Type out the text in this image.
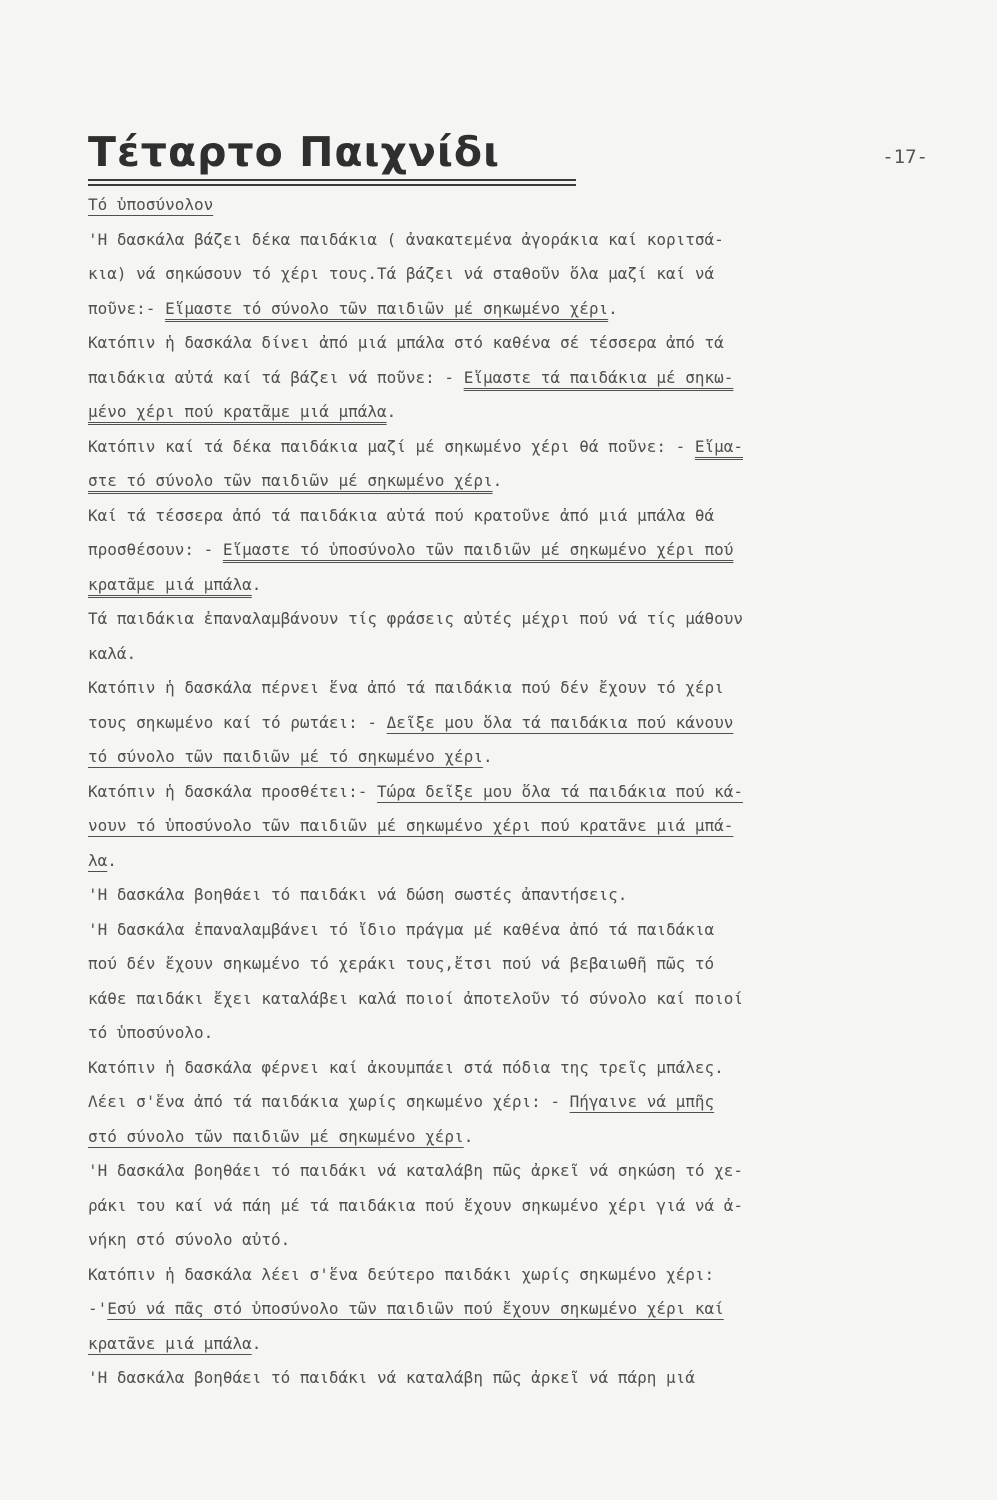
Τέταρτο Παιχνίδι	-17-
Τό ὑποσύνολον
'Η δασκάλα βάζει δέκα παιδάκια ( ἀνακατεμένα ἀγοράκια καί κοριτσά-
κια) νά σηκώσουν τό χέρι τους.Τά βάζει νά σταθοῦν ὅλα μαζί καί νά
ποῦνε:- Εἵμαστε τό σύνολο τῶν παιδιῶν μέ σηκωμένο χέρι.
Κατόπιν ἡ δασκάλα δίνει ἀπό μιά μπάλα στό καθένα σέ τέσσερα ἀπό τά
παιδάκια αὐτά καί τά βάζει νά ποῦνε: - Εἵμαστε τά παιδάκια μέ σηκω-
μένο χέρι πού κρατᾶμε μιά μπάλα.
Κατόπιν καί τά δέκα παιδάκια μαζί μέ σηκωμένο χέρι θά ποῦνε: - Εἵμα-
στε τό σύνολο τῶν παιδιῶν μέ σηκωμένο χέρι.
Καί τά τέσσερα ἀπό τά παιδάκια αὐτά πού κρατοῦνε ἀπό μιά μπάλα θά
προσθέσουν: - Εἵμαστε τό ὑποσύνολο τῶν παιδιῶν μέ σηκωμένο χέρι πού
κρατᾶμε μιά μπάλα.
Τά παιδάκια ἐπαναλαμβάνουν τίς φράσεις αὐτές μέχρι πού νά τίς μάθουν
καλά.
Κατόπιν ἡ δασκάλα πέρνει ἕνα ἀπό τά παιδάκια πού δέν ἔχουν τό χέρι
τους σηκωμένο καί τό ρωτάει: - Δεῖξε μου ὅλα τά παιδάκια πού κάνουν
τό σύνολο τῶν παιδιῶν μέ τό σηκωμένο χέρι.
Κατόπιν ἡ δασκάλα προσθέτει:- Τώρα δεῖξε μου ὅλα τά παιδάκια πού κά-
νουν τό ὑποσύνολο τῶν παιδιῶν μέ σηκωμένο χέρι πού κρατᾶνε μιά μπά-
λα.
'Η δασκάλα βοηθάει τό παιδάκι νά δώση σωστές ἀπαντήσεις.
'Η δασκάλα ἐπαναλαμβάνει τό ἴδιο πράγμα μέ καθένα ἀπό τά παιδάκια
πού δέν ἔχουν σηκωμένο τό χεράκι τους,ἔτσι πού νά βεβαιωθῆ πῶς τό
κάθε παιδάκι ἔχει καταλάβει καλά ποιοί ἀποτελοῦν τό σύνολο καί ποιοί
τό ὑποσύνολο.
Κατόπιν ἡ δασκάλα φέρνει καί ἀκουμπάει στά πόδια της τρεῖς μπάλες.
Λέει σ'ἕνα ἀπό τά παιδάκια χωρίς σηκωμένο χέρι: - Πήγαινε νά μπῆς
στό σύνολο τῶν παιδιῶν μέ σηκωμένο χέρι.
'Η δασκάλα βοηθάει τό παιδάκι νά καταλάβη πῶς ἀρκεῖ νά σηκώση τό χε-
ράκι του καί νά πάη μέ τά παιδάκια πού ἔχουν σηκωμένο χέρι γιά νά ἀ-
νήκη στό σύνολο αὐτό.
Κατόπιν ἡ δασκάλα λέει σ'ἕνα δεύτερο παιδάκι χωρίς σηκωμένο χέρι:
-'Εσύ νά πᾶς στό ὑποσύνολο τῶν παιδιῶν πού ἔχουν σηκωμένο χέρι καί
κρατᾶνε μιά μπάλα.
'Η δασκάλα βοηθάει τό παιδάκι νά καταλάβη πῶς ἀρκεῖ νά πάρη μιά
